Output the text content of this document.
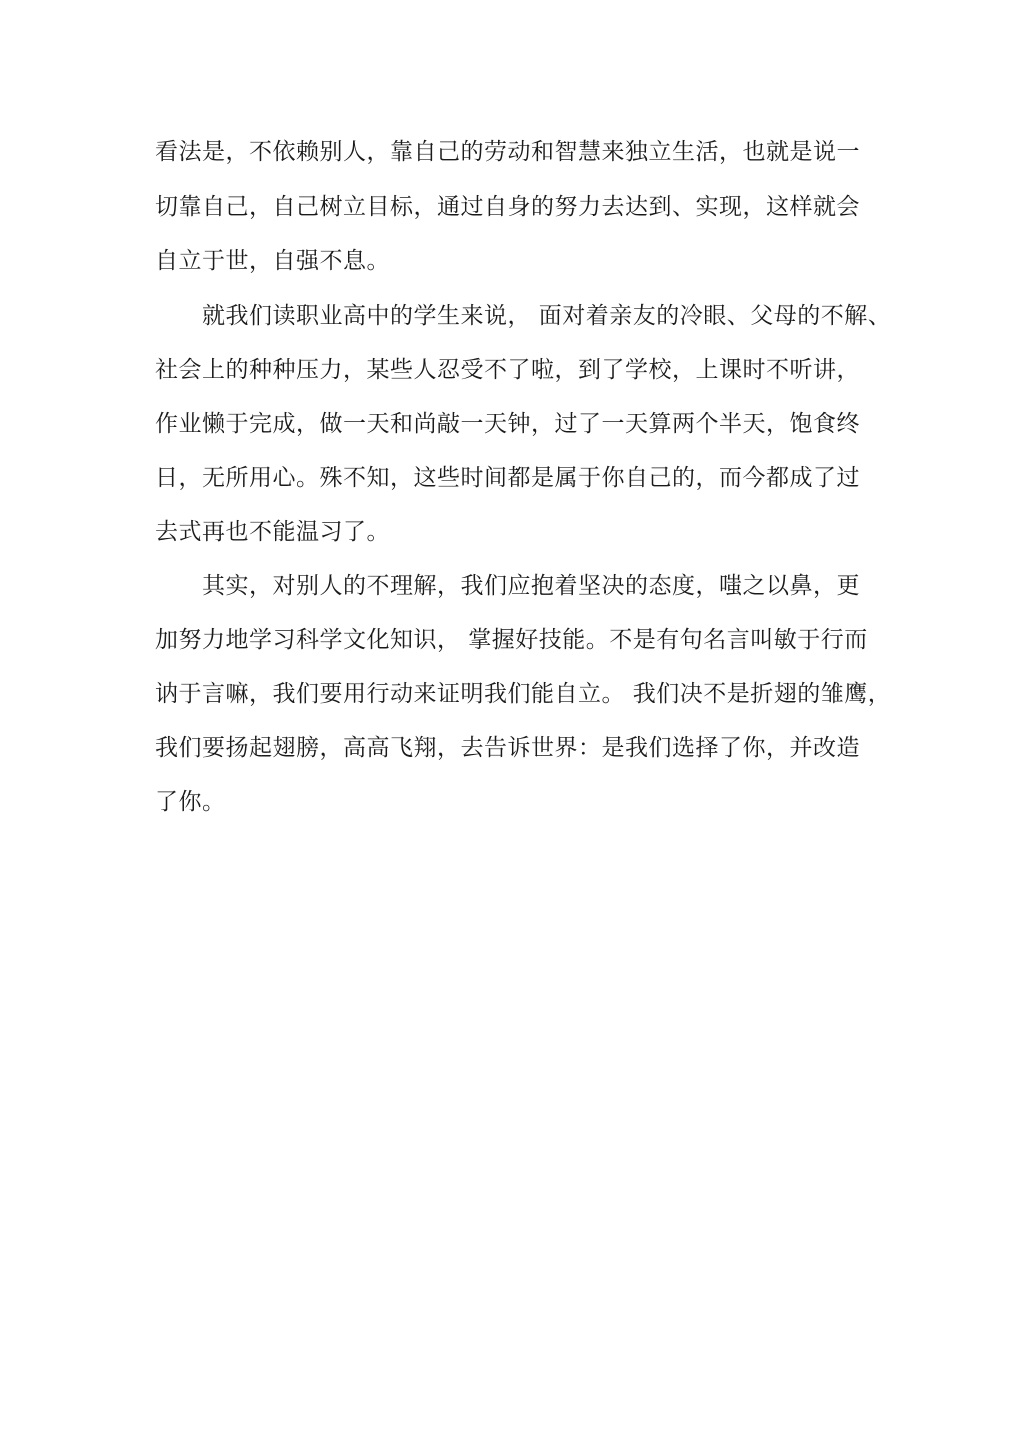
看法是，不依赖别人，靠自己的劳动和智慧来独立生活，也就是说一

切靠自己，自己树立目标，通过自身的努力去达到、实现，这样就会

自立于世，自强不息。

就我们读职业高中的学生来说， 面对着亲友的冷眼、父母的不解、

社会上的种种压力，某些人忍受不了啦，到了学校，上课时不听讲，

作业懒于完成，做一天和尚敲一天钟，过了一天算两个半天，饱食终

日，无所用心。殊不知，这些时间都是属于你自己的，而今都成了过

去式再也不能温习了。

其实，对别人的不理解，我们应抱着坚决的态度，嗤之以鼻，更

加努力地学习科学文化知识， 掌握好技能。不是有句名言叫敏于行而

讷于言嘛，我们要用行动来证明我们能自立。 我们决不是折翅的雏鹰，

我们要扬起翅膀，高高飞翔，去告诉世界：是我们选择了你，并改造

了你。
